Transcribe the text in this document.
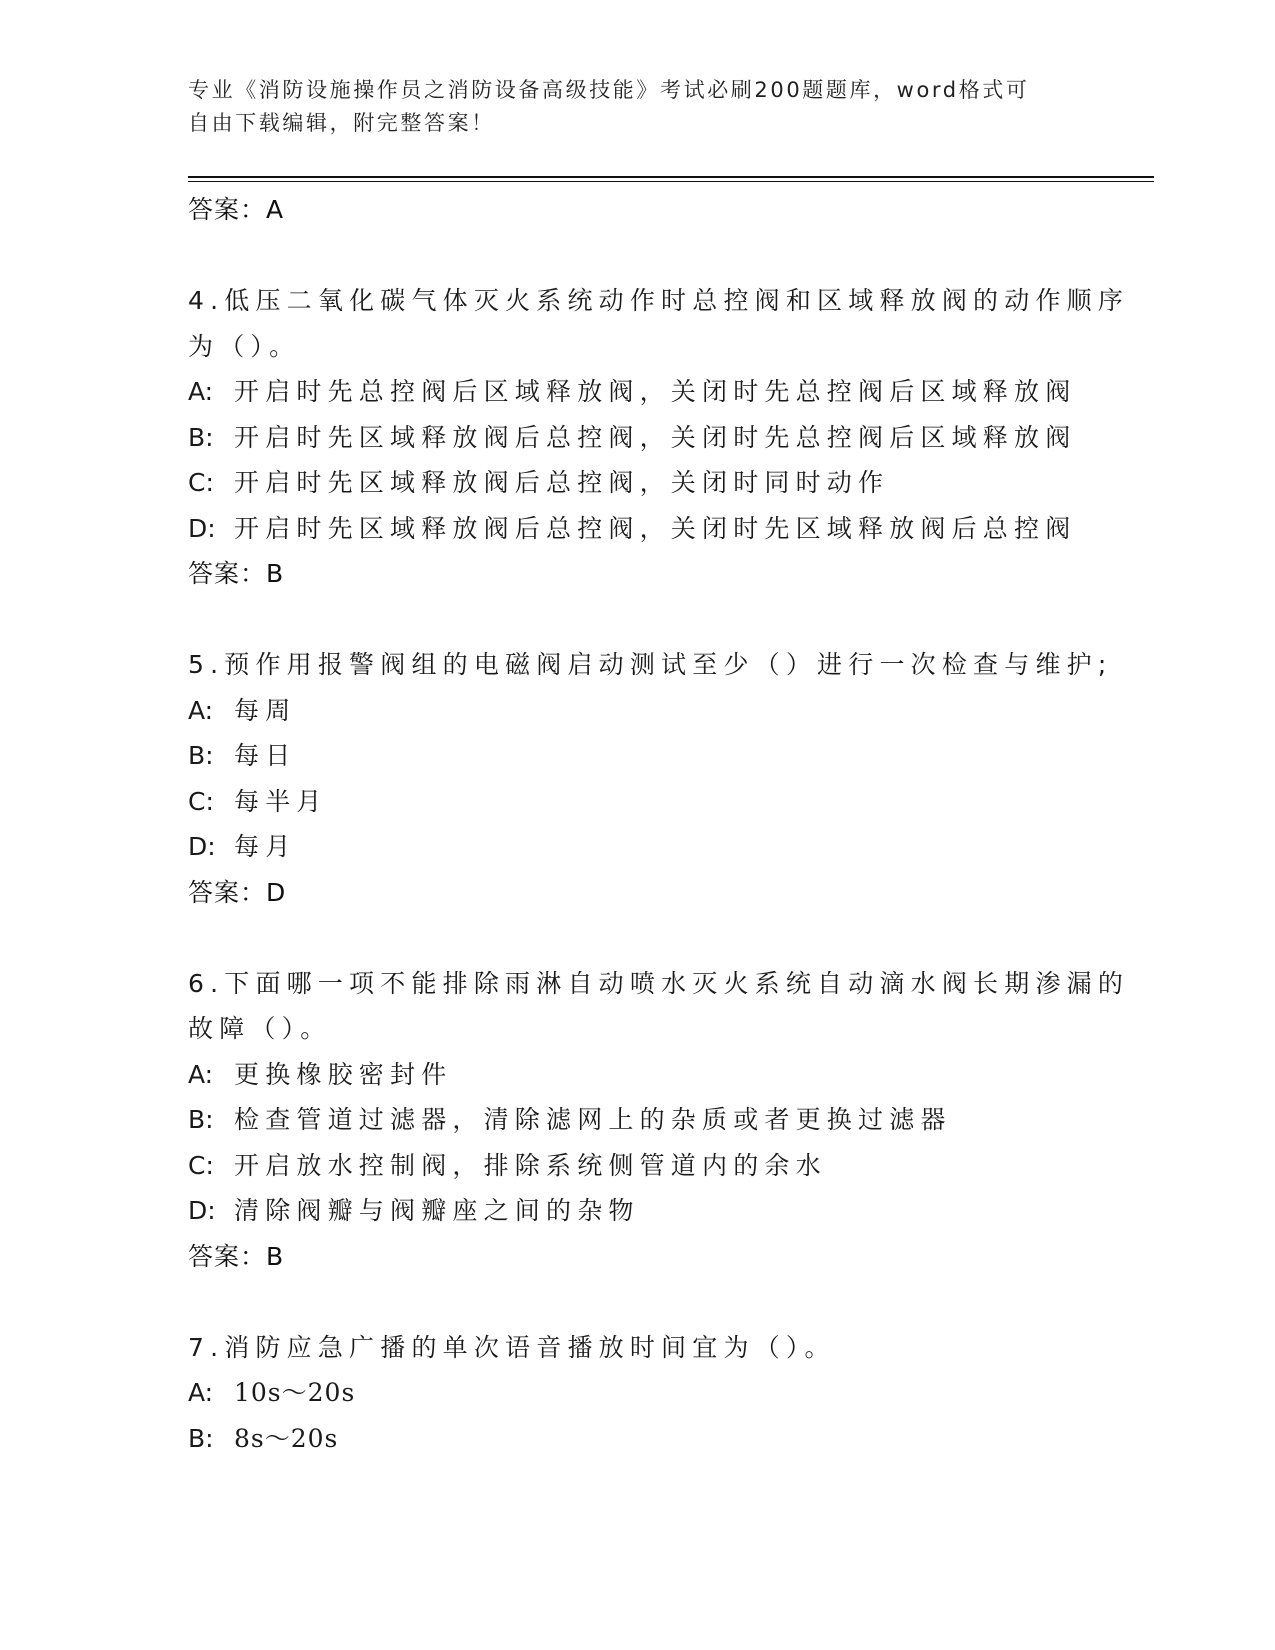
专业《消防设施操作员之消防设备高级技能》考试必刷200题题库，word格式可
自由下载编辑，附完整答案！
答案：A
4.低压二氧化碳气体灭火系统动作时总控阀和区域释放阀的动作顺序
为（）。
A: 开启时先总控阀后区域释放阀，关闭时先总控阀后区域释放阀
B: 开启时先区域释放阀后总控阀，关闭时先总控阀后区域释放阀
C: 开启时先区域释放阀后总控阀，关闭时同时动作
D: 开启时先区域释放阀后总控阀，关闭时先区域释放阀后总控阀
答案：B
5.预作用报警阀组的电磁阀启动测试至少（）进行一次检查与维护;
A: 每周
B: 每日
C: 每半月
D: 每月
答案：D
6.下面哪一项不能排除雨淋自动喷水灭火系统自动滴水阀长期渗漏的
故障（）。
A: 更换橡胶密封件
B: 检查管道过滤器，清除滤网上的杂质或者更换过滤器
C: 开启放水控制阀，排除系统侧管道内的余水
D: 清除阀瓣与阀瓣座之间的杂物
答案：B
7.消防应急广播的单次语音播放时间宜为（）。
A: 10s～20s
B: 8s～20s
